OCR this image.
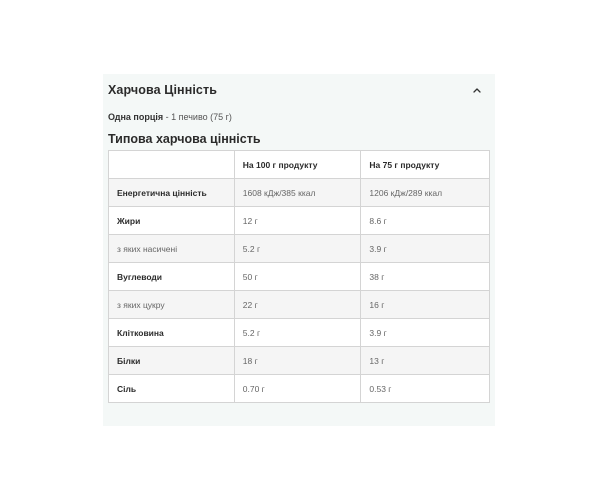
Харчова Цінність
Одна порція - 1 печиво (75 г)
Типова харчова цінність
	На 100 г продукту	На 75 г продукту
Енергетична цінність	1608 кДж/385 ккал	1206 кДж/289 ккал
Жири	12 г	8.6 г
з яких насичені	5.2 г	3.9 г
Вуглеводи	50 г	38 г
з яких цукру	22 г	16 г
Клітковина	5.2 г	3.9 г
Білки	18 г	13 г
Сіль	0.70 г	0.53 г
